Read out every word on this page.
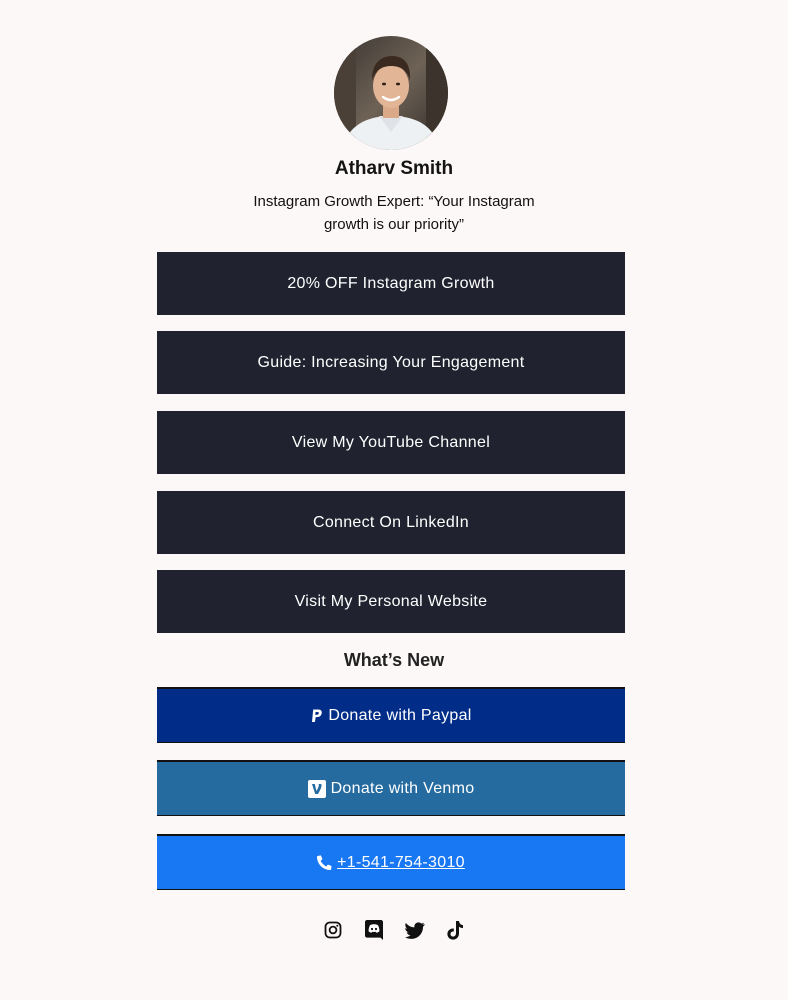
Atharv Smith
Instagram Growth Expert: “Your Instagram growth is our priority”
20% OFF Instagram Growth
Guide: Increasing Your Engagement
View My YouTube Channel
Connect On LinkedIn
Visit My Personal Website
What’s New
Donate with Paypal
Donate with Venmo
+1-541-754-3010
